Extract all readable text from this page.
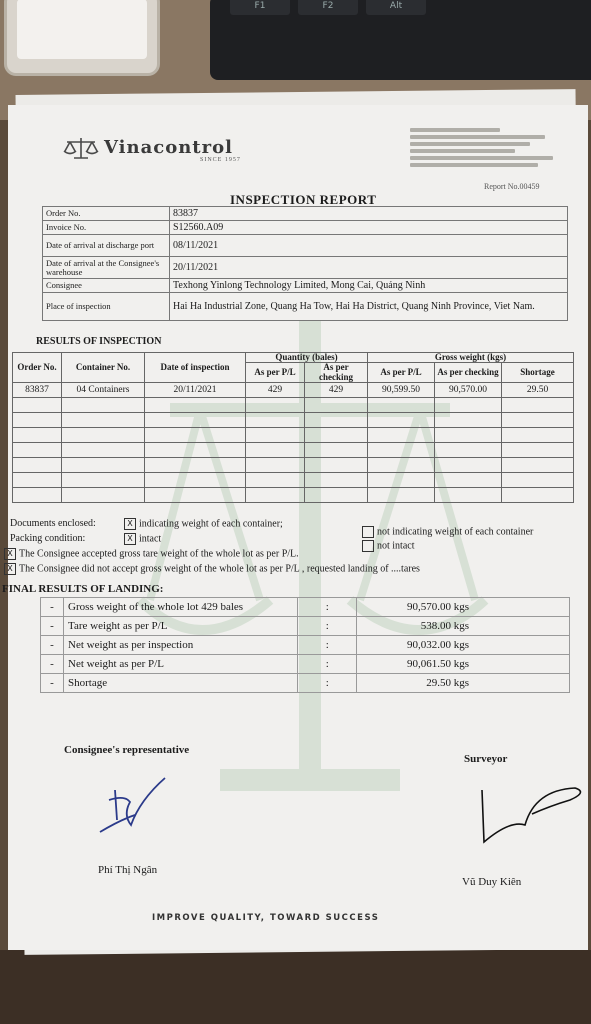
F1	F2	Alt
Vinacontrol
SINCE 1957
Report No.00459
INSPECTION REPORT
Order No.	83837
Invoice No.	S12560.A09
Date of arrival at discharge port	08/11/2021
Date of arrival at the Consignee's warehouse	20/11/2021
Consignee	Texhong Yinlong Technology Limited, Mong Cai, Quảng Ninh
Place of inspection	Hai Ha Industrial Zone, Quang Ha Tow, Hai Ha District, Quang Ninh Province, Viet Nam.
RESULTS OF INSPECTION
Order No.	Container No.	Date of inspection	Quantity (bales)		Gross weight (kgs)		
			As per P/L	As per checking	As per P/L	As per checking	Shortage
83837	04 Containers	20/11/2021	429	429	90,599.50	90,570.00	29.50

Documents enclosed:	X indicating weight of each container;
not indicating weight of each container
Packing condition:	X intact
not intact
X The Consignee accepted gross tare weight of the whole lot as per P/L.
X The Consignee did not accept gross weight of the whole lot as per P/L , requested landing of ....tares
FINAL RESULTS OF LANDING:
-	Gross weight of the whole lot 429 bales	:	90,570.00 kgs
-	Tare weight as per P/L	:	538.00 kgs
-	Net weight as per inspection	:	90,032.00 kgs
-	Net weight as per P/L	:	90,061.50 kgs
-	Shortage	:	29.50 kgs
Consignee's representative
Phí Thị Ngân
Surveyor
Vũ Duy Kiên
IMPROVE QUALITY, TOWARD SUCCESS
